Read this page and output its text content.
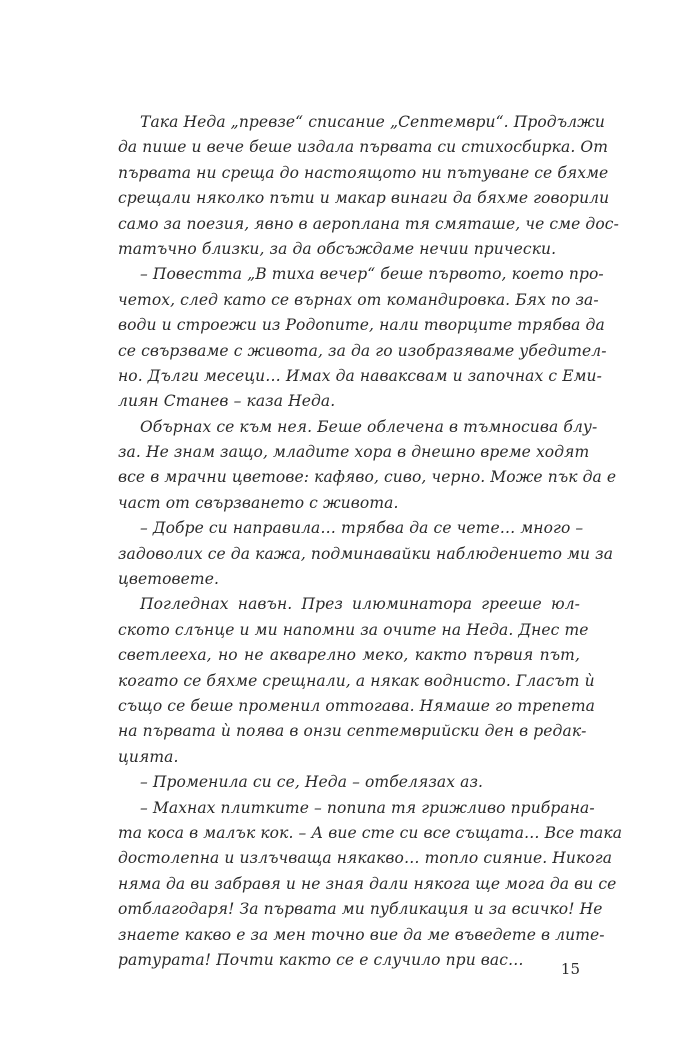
Така Неда „превзе“ списание „Септември“. Продължи
да пише и вече беше издала първата си стихосбирка. От
първата ни среща до настоящото ни пътуване се бяхме
срещали няколко пъти и макар винаги да бяхме говорили
само за поезия, явно в аероплана тя смяташе, че сме дос-
татъчно близки, за да обсъждаме нечии прически.
– Повестта „В тиха вечер“ беше първото, което про-
четох, след като се върнах от командировка. Бях по за-
води и строежи из Родопите, нали творците трябва да
се свързваме с живота, за да го изобразяваме убедител-
но. Дълги месеци… Имах да наваксвам и започнах с Еми-
лиян Станев – каза Неда.
Обърнах се към нея. Беше облечена в тъмносива блу-
за. Не знам защо, младите хора в днешно време ходят
все в мрачни цветове: кафяво, сиво, черно. Може пък да е
част от свързването с живота.
– Добре си направила… трябва да се чете… много –
задоволих се да кажа, подминавайки наблюдението ми за
цветовете.
Погледнах навън. През илюминатора грееше юл-
ското слънце и ми напомни за очите на Неда. Днес те
светлееха, но не акварелно меко, както първия път,
когато се бяхме срещнали, а някак воднисто. Гласът ѝ
също се беше променил оттогава. Нямаше го трепета
на първата ѝ поява в онзи септемврийски ден в редак-
цията.
– Променила си се, Неда – отбелязах аз.
– Махнах плитките – попипа тя грижливо прибрана-
та коса в малък кок. – А вие сте си все същата… Все така
достолепна и излъчваща някакво… топло сияние. Никога
няма да ви забравя и не зная дали някога ще мога да ви се
отблагодаря! За първата ми публикация и за всичко! Не
знаете какво е за мен точно вие да ме въведете в лите-
ратурата! Почти както се е случило при вас…
15
